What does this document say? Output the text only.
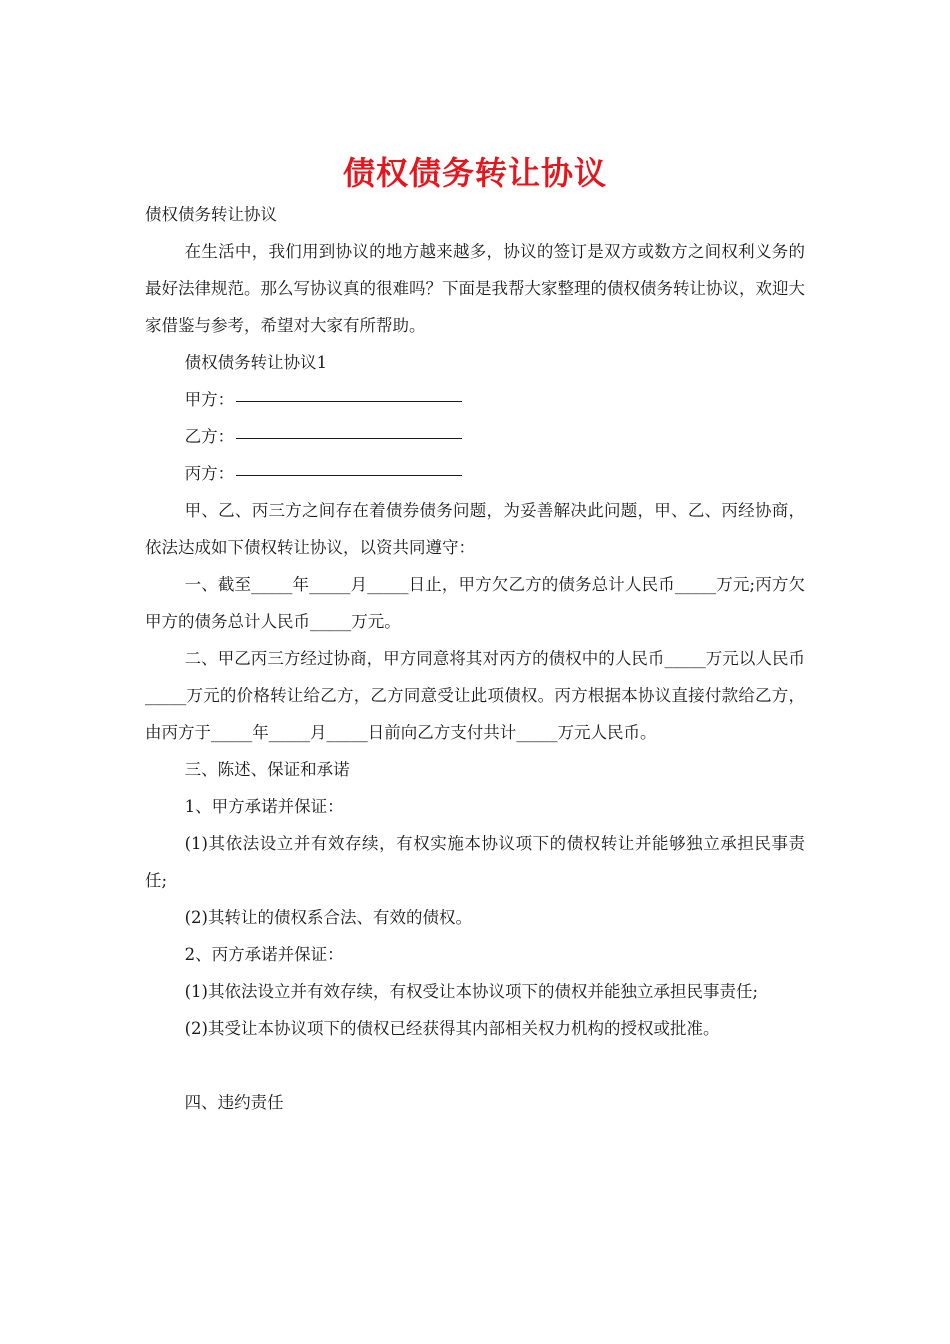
债权债务转让协议

债权债务转让协议

在生活中，我们用到协议的地方越来越多，协议的签订是双方或数方之间权利义务的最好法律规范。那么写协议真的很难吗？下面是我帮大家整理的债权债务转让协议，欢迎大家借鉴与参考，希望对大家有所帮助。

债权债务转让协议1

甲方：

乙方：

丙方：

甲、乙、丙三方之间存在着债券债务问题，为妥善解决此问题，甲、乙、丙经协商，依法达成如下债权转让协议，以资共同遵守：

一、截至_____年_____月_____日止，甲方欠乙方的债务总计人民币_____万元;丙方欠甲方的债务总计人民币_____万元。

二、甲乙丙三方经过协商，甲方同意将其对丙方的债权中的人民币_____万元以人民币_____万元的价格转让给乙方，乙方同意受让此项债权。丙方根据本协议直接付款给乙方，由丙方于_____年_____月_____日前向乙方支付共计_____万元人民币。

三、陈述、保证和承诺

1、甲方承诺并保证：

(1)其依法设立并有效存续，有权实施本协议项下的债权转让并能够独立承担民事责任;

(2)其转让的债权系合法、有效的债权。

2、丙方承诺并保证：

(1)其依法设立并有效存续，有权受让本协议项下的债权并能独立承担民事责任;

(2)其受让本协议项下的债权已经获得其内部相关权力机构的授权或批准。

四、违约责任
